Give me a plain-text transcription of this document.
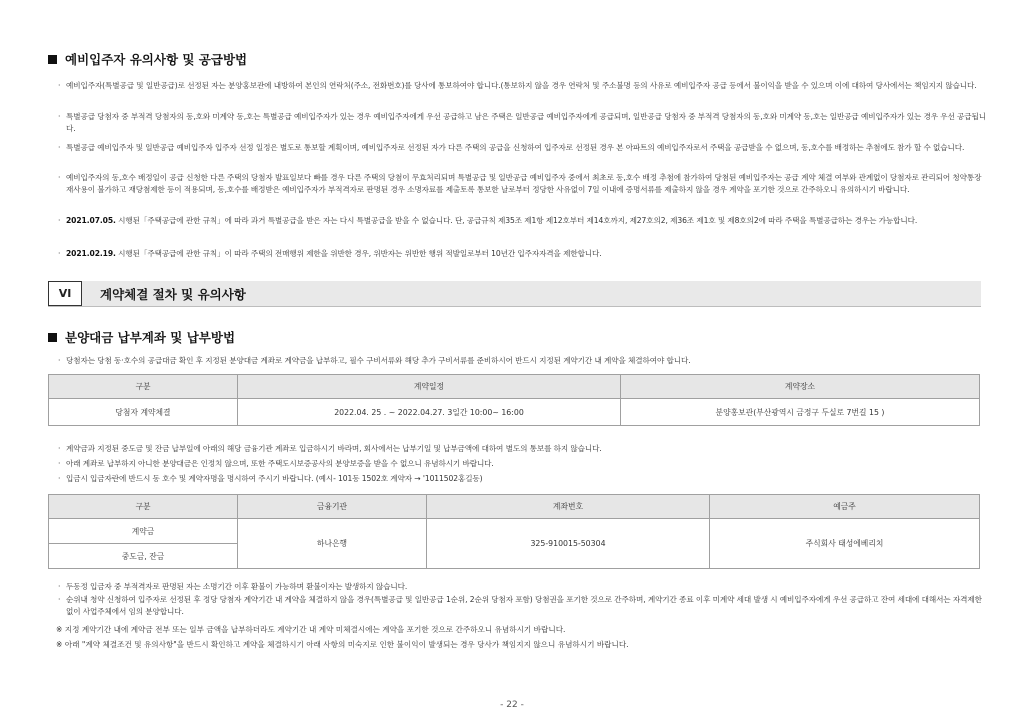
예비입주자 유의사항 및 공급방법
· 예비입주자(특별공급 및 일반공급)로 선정된 자는 분양홍보관에 내방하여 본인의 연락처(주소, 전화번호)를 당사에 통보하여야 합니다.(통보하지 않을 경우 연락처 및 주소불명 등의 사유로 예비입주자 공급 등에서 불이익을 받을 수 있으며 이에 대하여 당사에서는 책임지지 않습니다.
· 특별공급 당첨자 중 부적격 당첨자의 동,호와 미계약 동,호는 특별공급 예비입주자가 있는 경우 예비입주자에게 우선 공급하고 남은 주택은 일반공급 예비입주자에게 공급되며, 일반공급 당첨자 중 부적격 당첨자의 동,호와 미계약 동,호는 일반공급 예비입주자가 있는 경우 우선 공급됩니다.
· 특별공급 예비입주자 및 일반공급 예비입주자 입주자 선정 일정은 별도로 통보할 계획이며, 예비입주자로 선정된 자가 다른 주택의 공급을 신청하여 입주자로 선정된 경우 본 아파트의 예비입주자로서 주택을 공급받을 수 없으며, 동,호수를 배정하는 추첨에도 참가 할 수 없습니다.
· 예비입주자의 동,호수 배정일이 공급 신청한 다른 주택의 당첨자 발표일보다 빠를 경우 다른 주택의 당첨이 무효처리되며 특별공급 및 일반공급 예비입주자 중에서 최초로 동,호수 배정 추첨에 참가하여 당첨된 예비입주자는 공급 계약 체결 여부와 관계없이 당첨자로 관리되어 청약통장 재사용이 불가하고 재당첨제한 등이 적용되며, 동,호수를 배정받은 예비입주자가 부적격자로 판명된 경우 소명자료를 제출토록 통보한 날로부터 정당한 사유없이 7일 이내에 증명서류를 제출하지 않을 경우 계약을 포기한 것으로 간주하오니 유의하시기 바랍니다.
· 2021.07.05. 시행된「주택공급에 관한 규칙」에 따라 과거 특별공급을 받은 자는 다시 특별공급을 받을 수 없습니다. 단, 공급규칙 제35조 제1항 제12호부터 제14호까지, 제27호의2, 제36조 제1호 및 제8호의2에 따라 주택을 특별공급하는 경우는 가능합니다.
· 2021.02.19. 시행된「주택공급에 관한 규칙」이 따라 주택의 전매행위 제한을 위반한 경우, 위반자는 위반한 행위 적발일로부터 10년간 입주자자격을 제한합니다.
VI	계약체결 절차 및 유의사항
분양대금 납부계좌 및 납부방법
· 당첨자는 당첨 동·호수의 공급대금 확인 후 지정된 분양대금 계좌로 계약금을 납부하고, 필수 구비서류와 해당 추가 구비서류를 준비하시어 반드시 지정된 계약기간 내 계약을 체결하여야 합니다.
구분	계약일정	계약장소
당첨자 계약체결	2022.04. 25 . ~ 2022.04.27. 3일간 10:00~ 16:00	분양홍보관(부산광역시 금정구 두실로 7번길 15 )
· 계약금과 지정된 중도금 및 잔금 납부일에 아래의 해당 금융기관 계좌로 입금하시기 바라며, 회사에서는 납부기일 및 납부금액에 대하여 별도의 통보를 하지 않습니다.
· 아래 계좌로 납부하지 아니한 분양대금은 인정치 않으며, 또한 주택도시보증공사의 분양보증을 받을 수 없으니 유념하시기 바랍니다.
· 입금시 입금자란에 반드시 동 호수 및 계약자명을 명시하여 주시기 바랍니다. (예시- 101동 1502호 계약자 → '1011502홍길동)
구분	금융기관	계좌번호	예금주
계약금	하나은행	325-910015-50304	주식회사 태성에베리치
중도금, 잔금			
· 두동정 입금자 중 부적격자로 판명된 자는 소명기간 이후 환불이 가능하며 환불이자는 발생하지 않습니다.
· 순위내 청약 신청하여 입주자로 선정된 후 정당 당첨자 계약기간 내 계약을 체결하지 않을 경우(특별공급 및 일반공급 1순위, 2순위 당첨자 포함) 당첨권을 포기한 것으로 간주하며, 계약기간 종료 이후 미계약 세대 발생 시 예비입주자에게 우선 공급하고 잔여 세대에 대해서는 자격제한 없이 사업주체에서 임의 분양합니다.
※ 지정 계약기간 내에 계약금 전부 또는 일부 금액을 납부하더라도 계약기간 내 계약 미체결시에는 계약을 포기한 것으로 간주하오니 유념하시기 바랍니다.
※ 아래 "계약 체결조건 및 유의사항"을 반드시 확인하고 계약을 체결하시기 아래 사항의 미숙지로 인한 불이익이 발생되는 경우 당사가 책임지지 않으니 유념하시기 바랍니다.
- 22 -
